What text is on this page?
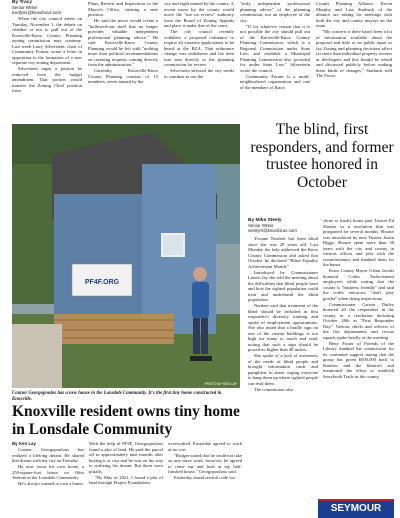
By Tracy
Senior Writer
tredlyns@knoxfocus.com

When the city council meets on Tuesday, November 1, the debate on whether or not to pull out of the Knoxville-Knox County Planning zoning commission may continue. Last week Larry Silverstein, chair of Community Forum, wrote a letter in opposition to the formation of a new separate city zoning department.

Silverstein urges a portion be removed from the budget amendment. That portion would transfer the Zoning Chief position from

Plans, Review and Inspections to the Mayor's Office, creating a new position.

He said the move would create a "hollowed-out shell that no longer provides valuable independent professional planning advice." He said Knoxville-Knox County Planning would be left with "nothing more than political recommendations on rezoning requests coming directly from the administration."

Currently, Knoxville-Knox County Planning consists of 15 members, seven named by the

city and eight named by the county. A recent move by the county would move the "use on review" authority from the Board of Zoning Appeals and place it under that of the court.

The city council recently withdrew a proposed ordinance to require all variance applications to be heard at the BZA. That ordinance change was withdrawn and the item was sent directly to the planning commission for review.

Silverstein stressed the city needs to continue to use the

"truly independent professional planning advice" of the planning commission, not an employee of the city.

"If for whatever reason that it is not possible the city should pull out of the Knoxville-Knox County Planning Commission, which is a Regional Commission under State Law, and establish a Municipal Planning Commission also provided for under State Law," Silverstein wrote the council.

Community Forum is a multi-neighborhood organization and one of the members of Knox

County Planning Alliance. Kevin Murphy and Lisa Starbuck of the alliance are asking for meetings with both the city and county mayors on the issue.

"My concern is there hasn't been a lot of information available about the proposal and little or no public input so far. Zoning and planning decisions affect far more than individual property owners or developers and this should be vetted and discussed publicly before making these kinds of changes," Starbuck told The Focus.

PF4F.ORG
PHOTO BY KEN LAY
Connor Georgopoulos has a new house in the Lonsdale Community. It's the first tiny home constructed in Knoxville.
The blind, first responders, and former trustee honored in October
By Mike Steely
Senior Writer
steelym@knoxfocus.com

Yvonne Neubert has been blind since she was 29 years old. Last Monday the lady addressed the Knox County Commission and asked that October be declared "Blind Equality Achievement Month."

Introduced by Commissioner Larsen Jay she told the meeting about the difficulties that blind people have and how the sighted population could treat and understand the blind population.

Neubert said that treatment of the blind should be included in first responder's diversity training and spoke of employment opportunities. She also noted that a braille sign on one of the county buildings is too high for many to touch and read, noting that such a sign should be posted no higher than 48 inches.

She spoke of a lack of awareness of the needs of blind people and brought information cards and pamphlets to share, urging everyone to hang them up where sighted people can read them.

The commission also

chose to finally honor past Trustee Ed Shouse in a resolution that was postponed for several months. Shouse was introduced by new Trustee Justin Biggs. Shouse spent more than 30 years with the city and county in various offices and jobs with the commissioners and thanked them for the honor.

Knox County Mayor Glenn Jacobs honored Codes Enforcement employees while noting that the county is "business friendly" and said the codes enforcers "don't play gotcha" when doing inspections.

Commissioner Carson Dailey honored all the responders in the county in a resolution declaring October 28th as "First Responder Day." Various chiefs and officers of the fire departments and rescue squads spoke briefly at the meeting.

Betty Foster of Friends of the Library thanked the commission for its continued support noting that the group has given $500,000 back to libraries and the libraries and mentioned the effort to establish Storybook Trails in the county.

Knoxville resident owns tiny home in Lonsdale Community
By Ken Lay

Connor Georgopoulous has realized a lifelong dream. He shared that dream with the city on Tuesday.

He now owns his own home, a 250-square-foot house on Ohio Avenue in the Lonsdale Community.

He's always wanted to own a home.

With the help of PF4F, Georgopoulous found a plot of land. He paid the parcel off in approximately nine months after buying it at cost and he was on his way to realizing his dream. But there were pitfalls.

"By May of 2021, I found a plot of land through Project Foundations

overworked, Easterday agreed to work at no cost.

"Rodger stated that he could not take on any more work, however, he agreed to come out and look at my half-finished house," Georgopoulous said.

Easterday found several code vio-

SEYMOUR
